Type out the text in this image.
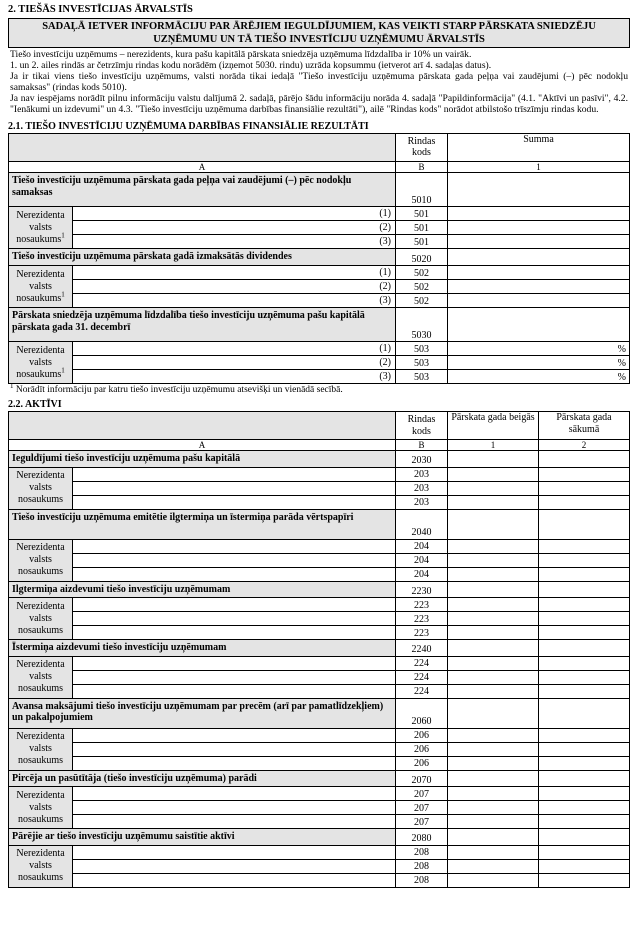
2. TIEŠĀS INVESTĪCIJAS ĀRVALSTĪS
SADAĻĀ IETVER INFORMĀCIJU PAR ĀRĒJIEM IEGULDĪJUMIEM, KAS VEIKTI STARP PĀRSKATA SNIEDZĒJU
UZŅĒMUMU UN TĀ TIEŠO INVESTĪCIJU UZŅĒMUMU ĀRVALSTĪS

Tiešo investīciju uzņēmums – nerezidents, kura pašu kapitālā pārskata sniedzēja uzņēmuma līdzdalība ir 10% un vairāk.

1. un 2. ailes rindās ar četrzīmju rindas kodu norādēm (izņemot 5030. rindu) uzrāda kopsummu (ietverot arī 4. sadaļas datus).

Ja ir tikai viens tiešo investīciju uzņēmums, valsti norāda tikai iedaļā "Tiešo investīciju uzņēmuma pārskata gada peļņa vai zaudējumi (–) pēc nodokļu samaksas" (rindas kods 5010).

Ja nav iespējams norādīt pilnu informāciju valstu dalījumā 2. sadaļā, pārējo šādu informāciju norāda 4. sadaļā "Papildinformācija" (4.1. "Aktīvi un pasīvi", 4.2. "Ienākumi un izdevumi" un 4.3. "Tiešo investīciju uzņēmuma darbības finansiālie rezultāti"), ailē "Rindas kods" norādot atbilstošo trīszīmju rindas kodu.

2.1. TIEŠO INVESTĪCIJU UZŅĒMUMA DARBĪBAS FINANSIĀLIE REZULTĀTI
		Rindas kods	Summa
A		B	1
Tiešo investīciju uzņēmuma pārskata gada peļņa vai zaudējumi (–) pēc nodokļu samaksas		5010	

Nerezidenta
valsts
nosaukums$^1$	(1)	501	
	(2)	501	
	(3)	501	
Tiešo investīciju uzņēmuma pārskata gadā izmaksātās dividendes		5020	

Nerezidenta
valsts
nosaukums$^1$	(1)	502	
	(2)	502	
	(3)	502	
Pārskata sniedzēja uzņēmuma līdzdalība tiešo investīciju uzņēmuma pašu kapitālā pārskata gada 31. decembrī		5030	

Nerezidenta
valsts
nosaukums$^1$	(1)	503	%
	(2)	503	%
	(3)	503	%
$^1$ Norādīt informāciju par katru tiešo investīciju uzņēmumu atsevišķi un vienādā secībā.
2.2. AKTĪVI
		Rindas kods	Pārskata gada beigās	Pārskata gada sākumā
A		B	1	2
Ieguldījumi tiešo investīciju uzņēmuma pašu kapitālā		2030		

Nerezidenta
valsts
nosaukums		203		
		203		
		203		
Tiešo investīciju uzņēmuma emitētie ilgtermiņa un īstermiņa parāda vērtspapīri		2040		

Nerezidenta
valsts
nosaukums		204		
		204		
		204		
Ilgtermiņa aizdevumi tiešo investīciju uzņēmumam		2230		

Nerezidenta
valsts
nosaukums		223		
		223		
		223		
Īstermiņa aizdevumi tiešo investīciju uzņēmumam		2240		

Nerezidenta
valsts
nosaukums		224		
		224		
		224		
Avansa maksājumi tiešo investīciju uzņēmumam par precēm (arī par pamatlīdzekļiem) un pakalpojumiem		2060		

Nerezidenta
valsts
nosaukums		206		
		206		
		206		
Pircēja un pasūtītāja (tiešo investīciju uzņēmuma) parādi		2070		

Nerezidenta
valsts
nosaukums		207		
		207		
		207		
Pārējie ar tiešo investīciju uzņēmumu saistītie aktīvi		2080		

Nerezidenta
valsts
nosaukums		208		
		208		
		208		
